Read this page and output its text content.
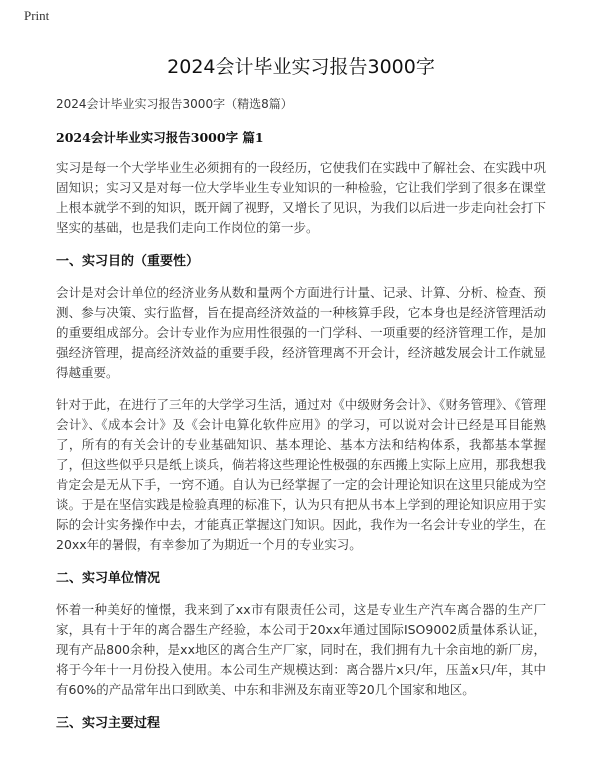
Print
2024会计毕业实习报告3000字

2024会计毕业实习报告3000字（精选8篇）

2024会计毕业实习报告3000字 篇1

实习是每一个大学毕业生必须拥有的一段经历，它使我们在实践中了解社会、在实践中巩固知识；实习又是对每一位大学毕业生专业知识的一种检验，它让我们学到了很多在课堂上根本就学不到的知识，既开阔了视野，又增长了见识，为我们以后进一步走向社会打下坚实的基础，也是我们走向工作岗位的第一步。

一、实习目的（重要性）

会计是对会计单位的经济业务从数和量两个方面进行计量、记录、计算、分析、检查、预测、参与决策、实行监督，旨在提高经济效益的一种核算手段，它本身也是经济管理活动的重要组成部分。会计专业作为应用性很强的一门学科、一项重要的经济管理工作，是加强经济管理，提高经济效益的重要手段，经济管理离不开会计，经济越发展会计工作就显得越重要。

针对于此，在进行了三年的大学学习生活，通过对《中级财务会计》、《财务管理》、《管理会计》、《成本会计》及《会计电算化软件应用》的学习，可以说对会计已经是耳目能熟了，所有的有关会计的专业基础知识、基本理论、基本方法和结构体系，我都基本掌握了，但这些似乎只是纸上谈兵，倘若将这些理论性极强的东西搬上实际上应用，那我想我肯定会是无从下手，一窍不通。自认为已经掌握了一定的会计理论知识在这里只能成为空谈。于是在坚信实践是检验真理的标准下，认为只有把从书本上学到的理论知识应用于实际的会计实务操作中去，才能真正掌握这门知识。因此，我作为一名会计专业的学生，在20xx年的暑假，有幸参加了为期近一个月的专业实习。

二、实习单位情况

怀着一种美好的憧憬，我来到了xx市有限责任公司，这是专业生产汽车离合器的生产厂家，具有十于年的离合器生产经验，本公司于20xx年通过国际ISO9002质量体系认证，现有产品800余种，是xx地区的离合生产厂家，同时在，我们拥有九十余亩地的新厂房，将于今年十一月份投入使用。本公司生产规模达到：离合器片x只/年，压盖x只/年，其中有60%的产品常年出口到欧美、中东和非洲及东南亚等20几个国家和地区。

三、实习主要过程
